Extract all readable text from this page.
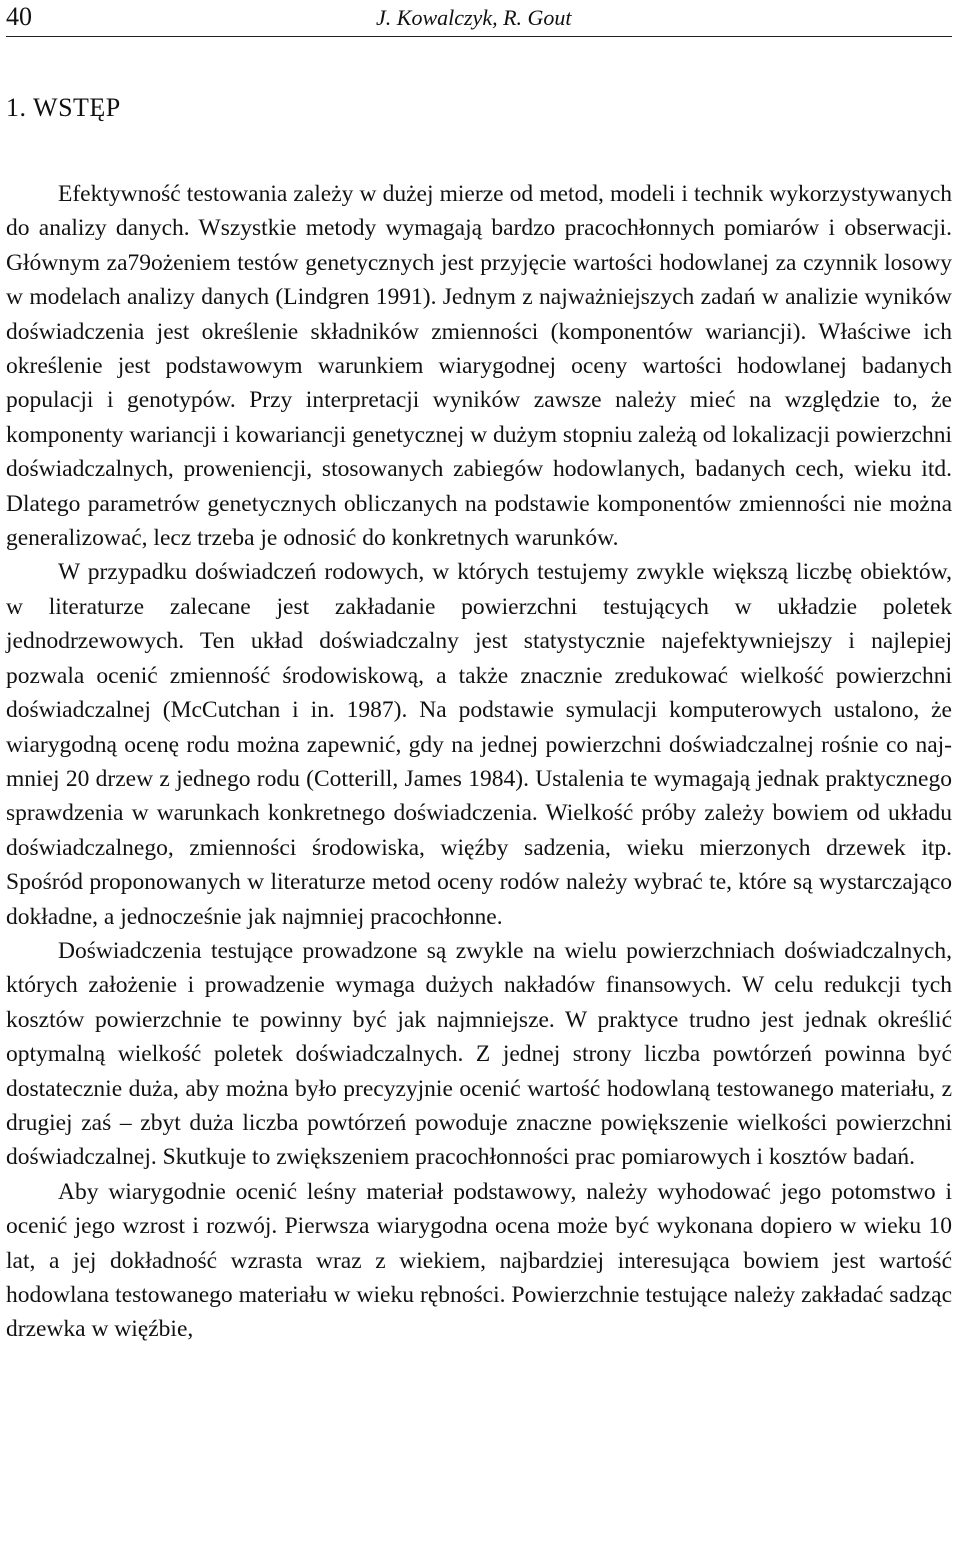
40	J. Kowalczyk, R. Gout
1. WSTĘP

Efektywność testowania zależy w dużej mierze od metod, modeli i technik wykorzystywanych do analizy danych. Wszystkie metody wymagają bardzo pracochłonnych pomiarów i obserwacji. Głównym za79ożeniem testów genetycznych jest przyjęcie wartości hodowlanej za czynnik losowy w modelach analizy danych (Lindgren 1991). Jednym z najważniejszych zadań w analizie wyników doświadczenia jest określenie składników zmienności (komponentów wariancji). Właściwe ich określenie jest podstawowym warunkiem wiarygodnej oceny wartości hodowlanej badanych populacji i genotypów. Przy interpretacji wyników zawsze należy mieć na względzie to, że komponenty wariancji i kowariancji genetycznej w dużym stopniu zależą od lokalizacji powierzchni doświadczalnych, proweniencji, stosowanych zabiegów hodowlanych, badanych cech, wieku itd. Dlatego parametrów genetycznych obliczanych na podstawie komponentów zmienności nie można generalizować, lecz trzeba je odnosić do konkretnych warunków.

W przypadku doświadczeń rodowych, w których testujemy zwykle większą liczbę obiektów, w literaturze zalecane jest zakładanie powierzchni testujących w układzie poletek jednodrzewowych. Ten układ doświadczalny jest statystycznie najefektywniejszy i najlepiej pozwala ocenić zmienność środowiskową, a także znacznie zredukować wielkość powierzchni doświadczalnej (McCutchan i in. 1987). Na podstawie symulacji komputerowych ustalono, że wiarygodną ocenę rodu można zapewnić, gdy na jednej powierzchni doświadczalnej rośnie co najmniej 20 drzew z jednego rodu (Cotterill, James 1984). Ustalenia te wymagają jednak praktycznego sprawdzenia w warunkach konkretnego doświadczenia. Wielkość próby zależy bowiem od układu doświadczalnego, zmienności środowiska, więźby sadzenia, wieku mierzonych drzewek itp. Spośród proponowanych w literaturze metod oceny rodów należy wybrać te, które są wystarczająco dokładne, a jednocześnie jak najmniej pracochłonne.

Doświadczenia testujące prowadzone są zwykle na wielu powierzchniach doświadczalnych, których założenie i prowadzenie wymaga dużych nakładów finansowych. W celu redukcji tych kosztów powierzchnie te powinny być jak najmniejsze. W praktyce trudno jest jednak określić optymalną wielkość poletek doświadczalnych. Z jednej strony liczba powtórzeń powinna być dostatecznie duża, aby można było precyzyjnie ocenić wartość hodowlaną testowanego materiału, z drugiej zaś – zbyt duża liczba powtórzeń powoduje znaczne powiększenie wielkości powierzchni doświadczalnej. Skutkuje to zwiększeniem pracochłonności prac pomiarowych i kosztów badań.

Aby wiarygodnie ocenić leśny materiał podstawowy, należy wyhodować jego potomstwo i ocenić jego wzrost i rozwój. Pierwsza wiarygodna ocena może być wykonana dopiero w wieku 10 lat, a jej dokładność wzrasta wraz z wiekiem, najbardziej interesująca bowiem jest wartość hodowlana testowanego materiału w wieku rębności. Powierzchnie testujące należy zakładać sadząc drzewka w więźbie,
